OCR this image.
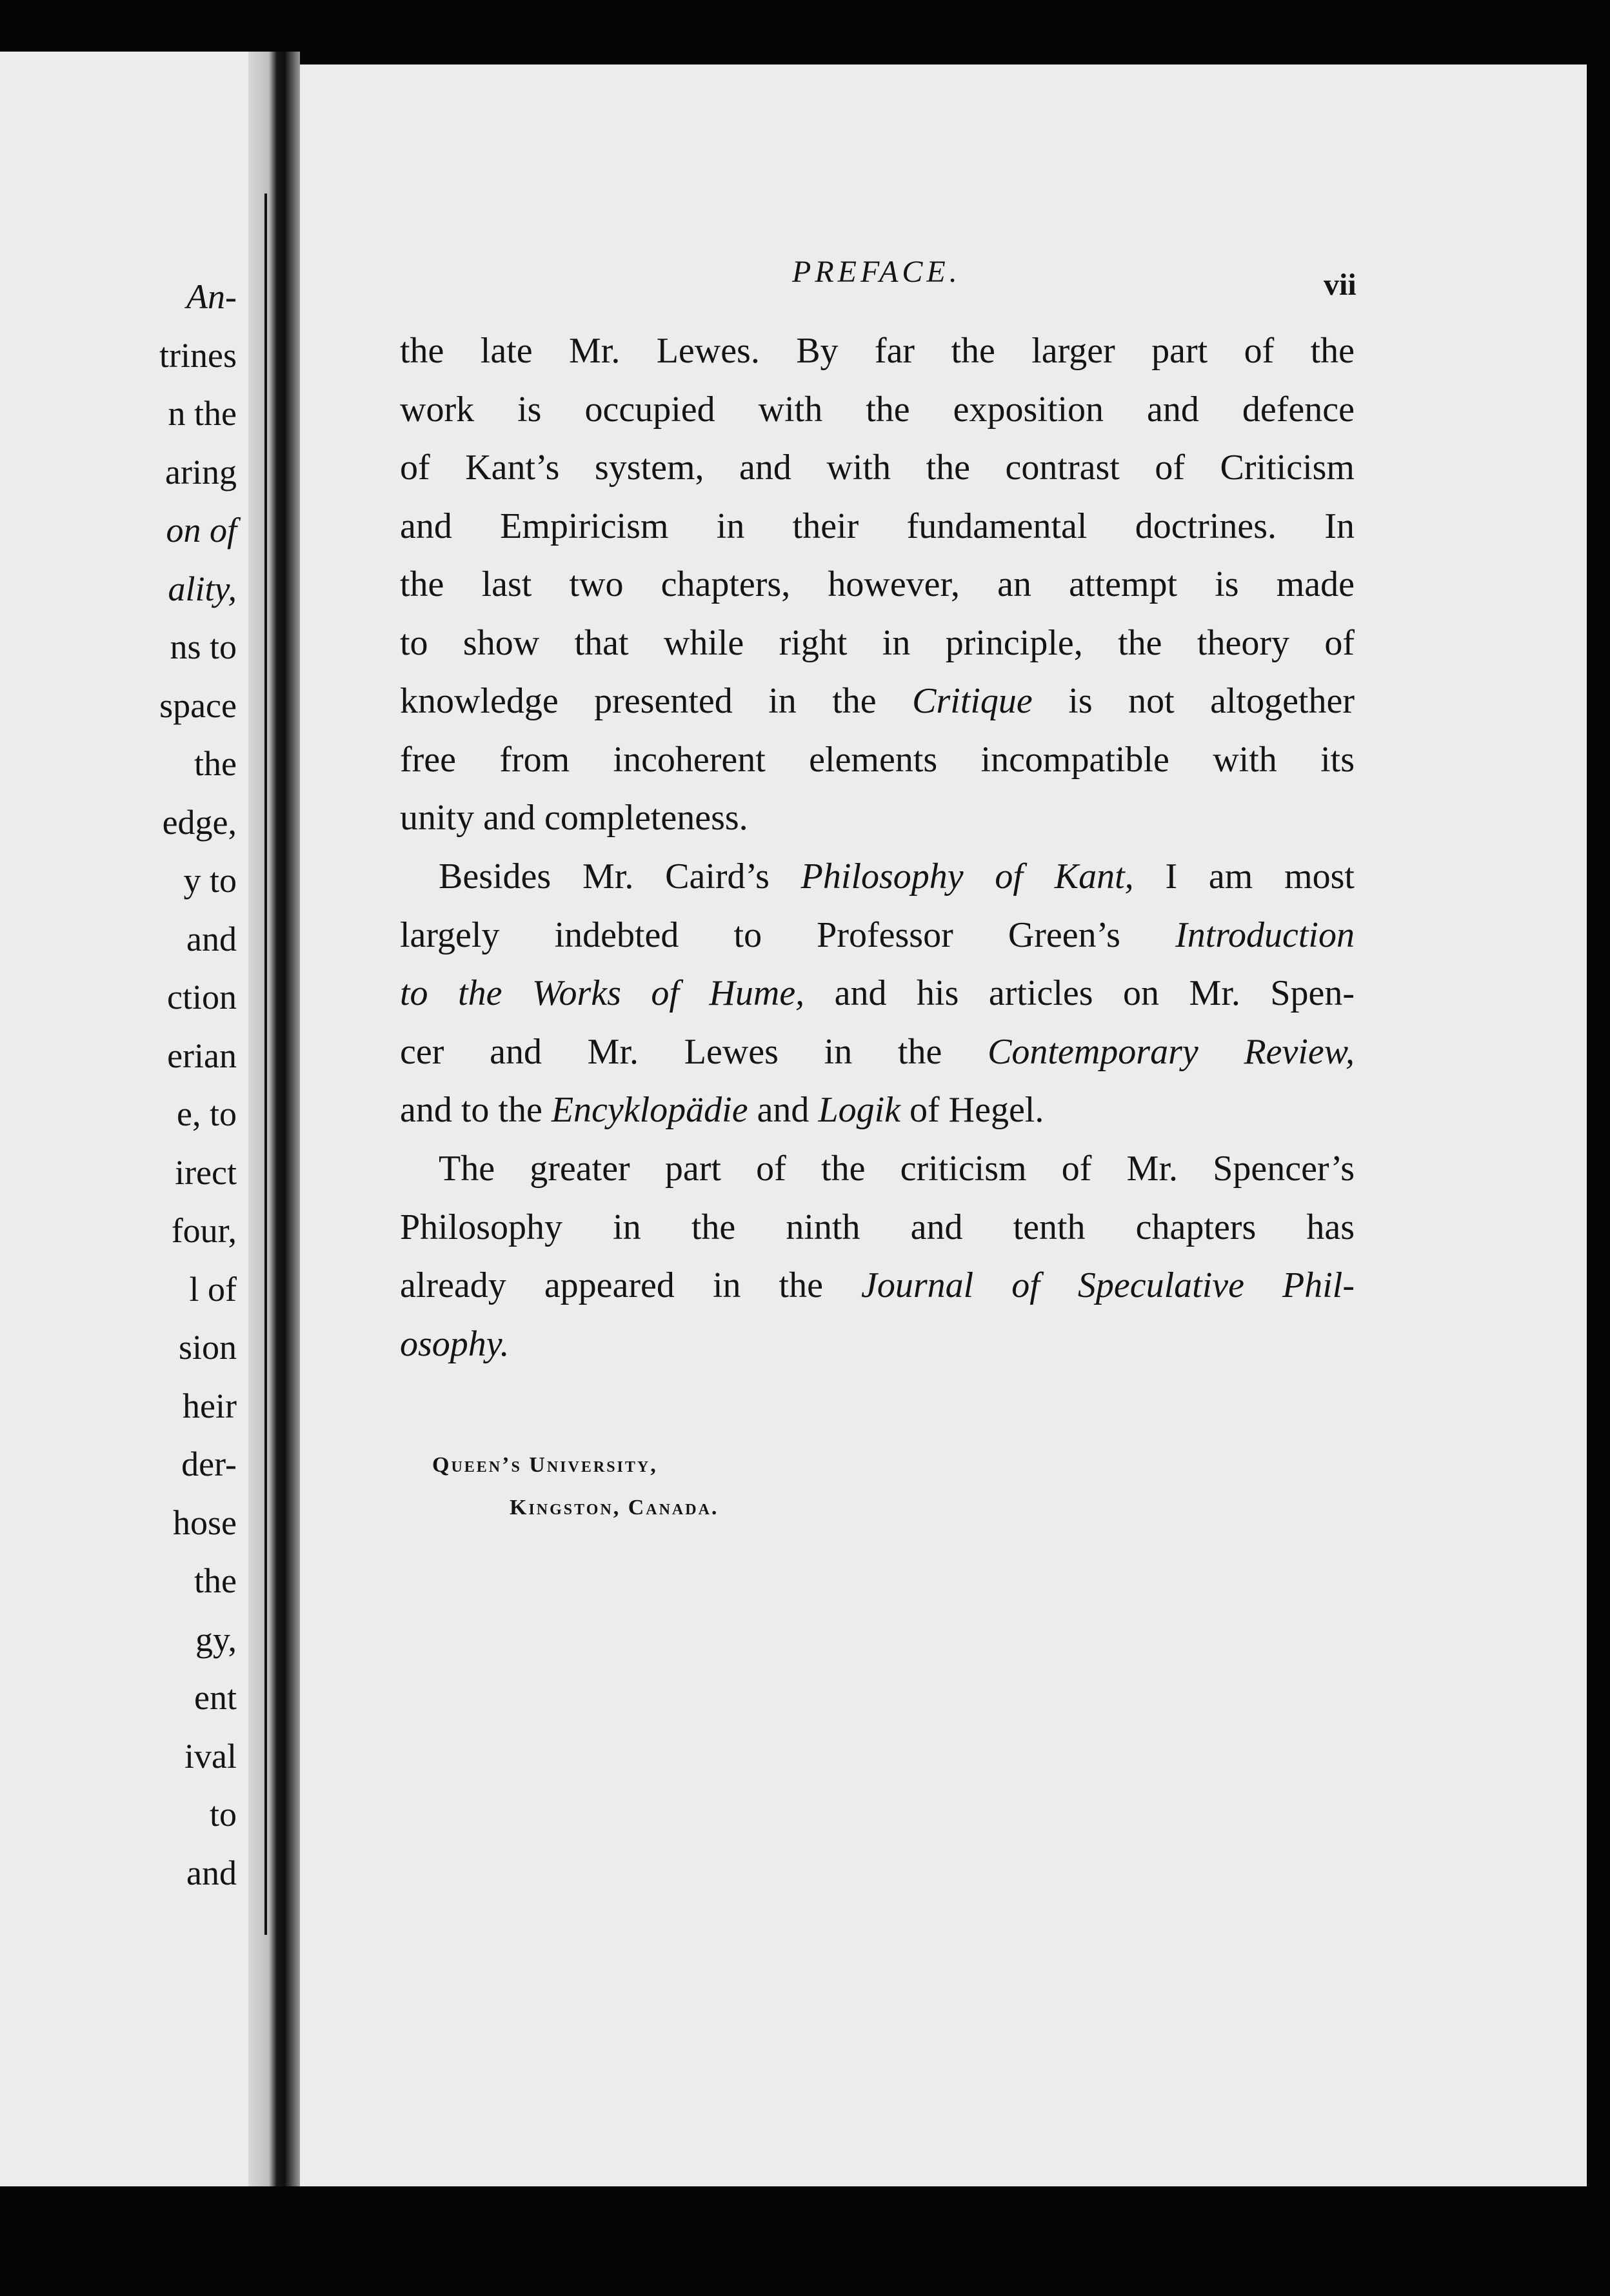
An-
trines
n the
aring
on of
ality,
ns to
space
the
edge,
y to
and
ction
erian
e, to
irect
four,
l of
sion
heir
der-
hose
the
gy,
ent
ival
to
and
PREFACE.	vii
the late Mr. Lewes. By far the larger part of the
work is occupied with the exposition and defence
of Kant’s system, and with the contrast of Criticism
and Empiricism in their fundamental doctrines. In
the last two chapters, however, an attempt is made
to show that while right in principle, the theory of
knowledge presented in the Critique is not altogether
free from incoherent elements incompatible with its
unity and completeness.
Besides Mr. Caird’s Philosophy of Kant, I am most
largely indebted to Professor Green’s Introduction
to the Works of Hume, and his articles on Mr. Spen-
cer and Mr. Lewes in the Contemporary Review,
and to the Encyklopädie and Logik of Hegel.
The greater part of the criticism of Mr. Spencer’s
Philosophy in the ninth and tenth chapters has
already appeared in the Journal of Speculative Phil-
osophy.
Queen’s University,
Kingston, Canada.
